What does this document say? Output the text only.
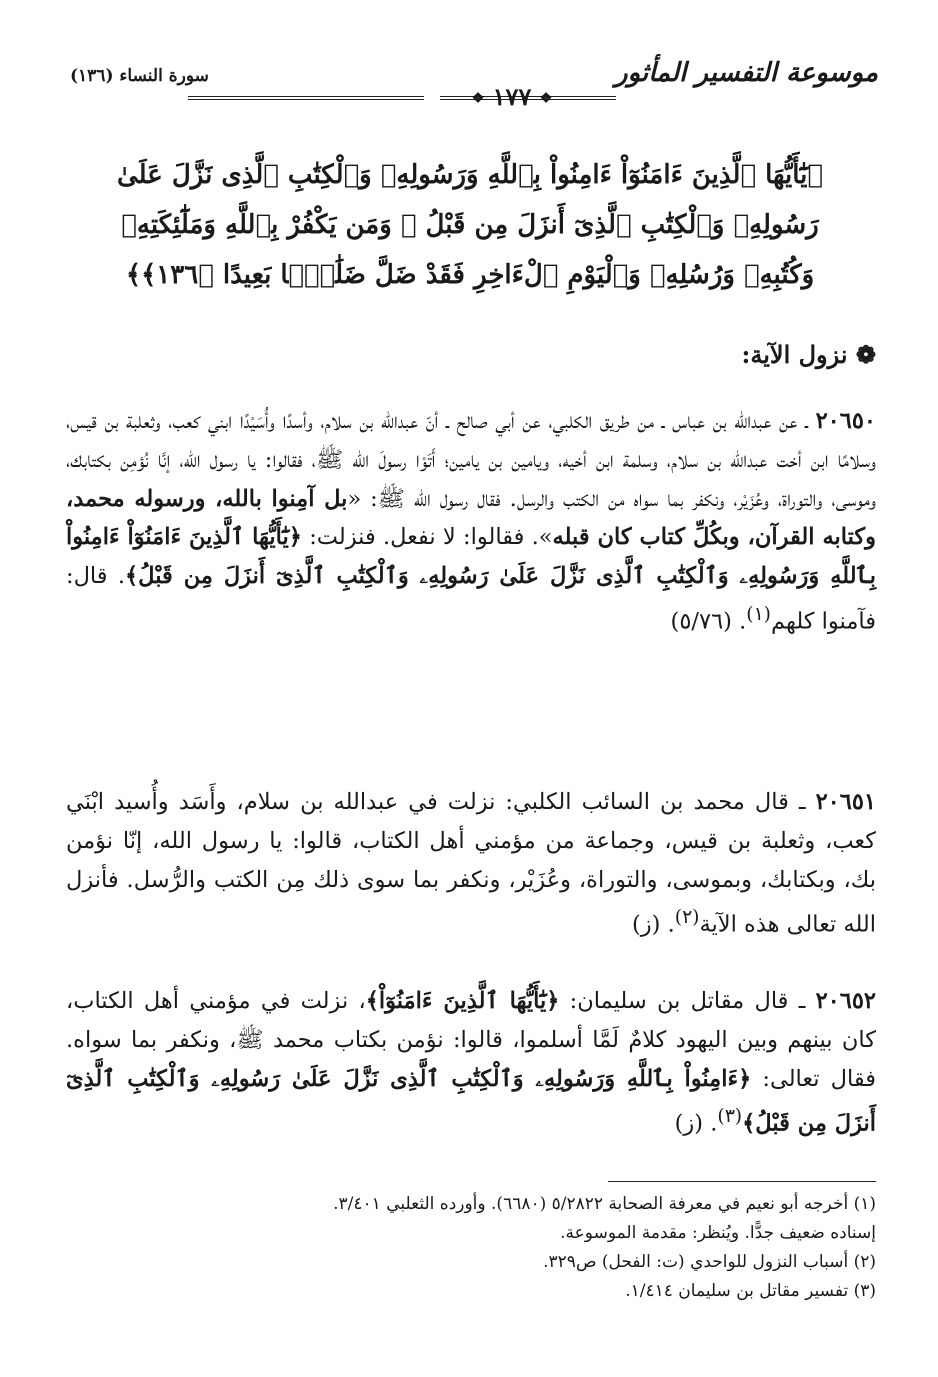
موسوعة التفسير المأثور
❖ ١٧٧ ❖
سورة النساء (١٣٦)
﴿يَٰٓأَيُّهَا ٱلَّذِينَ ءَامَنُوٓاْ ءَامِنُواْ بِٱللَّهِ وَرَسُولِهِۦ وَٱلْكِتَٰبِ ٱلَّذِى نَزَّلَ عَلَىٰ رَسُولِهِۦ وَٱلْكِتَٰبِ ٱلَّذِىٓ أَنزَلَ مِن قَبْلُ ۚ وَمَن يَكْفُرْ بِٱللَّهِ وَمَلَٰٓئِكَتِهِۦ وَكُتُبِهِۦ وَرُسُلِهِۦ وَٱلْيَوْمِ ٱلْءَاخِرِ فَقَدْ ضَلَّ ضَلَٰلًۢا بَعِيدًا ﴿١٣٦﴾﴾
❁ نزول الآية:
٢٠٦٥٠ ـ عن عبدالله بن عباس ـ من طريق الكلبي، عن أبي صالح ـ أنّ عبدالله بن سلام، وأسدًا وأُسَيْدًا ابني كعب، وثعلبة بن قيس، وسلامًا ابن أخت عبدالله بن سلام، وسلمة ابن أخيه، ويامين بن يامين؛ أَتَوْا رسولَ الله ﷺ، فقالوا: يا رسول الله، إنَّا نُؤمِن بكتابك، وموسى، والتوراة، وعُزَيْر، ونكفر بما سواه من الكتب والرسل. فقال رسول الله ﷺ: «بل آمِنوا بالله، ورسوله محمد، وكتابه القرآن، وبكُلِّ كتاب كان قبله». فقالوا: لا نفعل. فنزلت: ﴿يَٰٓأَيُّهَا ٱلَّذِينَ ءَامَنُوٓاْ ءَامِنُواْ بِٱللَّهِ وَرَسُولِهِۦ وَٱلْكِتَٰبِ ٱلَّذِى نَزَّلَ عَلَىٰ رَسُولِهِۦ وَٱلْكِتَٰبِ ٱلَّذِىٓ أَنزَلَ مِن قَبْلُ﴾. قال: فآمنوا كلهم$^{(١)}$. (٥/٧٦)
٢٠٦٥١ ـ قال محمد بن السائب الكلبي: نزلت في عبدالله بن سلام، وأَسَد وأُسيد ابْنَي كعب، وثعلبة بن قيس، وجماعة من مؤمني أهل الكتاب، قالوا: يا رسول الله، إنّا نؤمن بك، وبكتابك، وبموسى، والتوراة، وعُزَيْر، ونكفر بما سوى ذلك مِن الكتب والرُّسل. فأنزل الله تعالى هذه الآية$^{(٢)}$. (ز)
٢٠٦٥٢ ـ قال مقاتل بن سليمان: ﴿يَٰٓأَيُّهَا ٱلَّذِينَ ءَامَنُوٓاْ﴾، نزلت في مؤمني أهل الكتاب، كان بينهم وبين اليهود كلامٌ لَمَّا أسلموا، قالوا: نؤمن بكتاب محمد ﷺ، ونكفر بما سواه. فقال تعالى: ﴿ءَامِنُواْ بِٱللَّهِ وَرَسُولِهِۦ وَٱلْكِتَٰبِ ٱلَّذِى نَزَّلَ عَلَىٰ رَسُولِهِۦ وَٱلْكِتَٰبِ ٱلَّذِىٓ أَنزَلَ مِن قَبْلُ﴾$^{(٣)}$. (ز)
(١) أخرجه أبو نعيم في معرفة الصحابة ٥/٢٨٢٢ (٦٦٨٠). وأورده الثعلبي ٣/٤٠١.
إسناده ضعيف جدًّا. ويُنظر: مقدمة الموسوعة.
(٢) أسباب النزول للواحدي (ت: الفحل) ص٣٢٩.
(٣) تفسير مقاتل بن سليمان ١/٤١٤.
